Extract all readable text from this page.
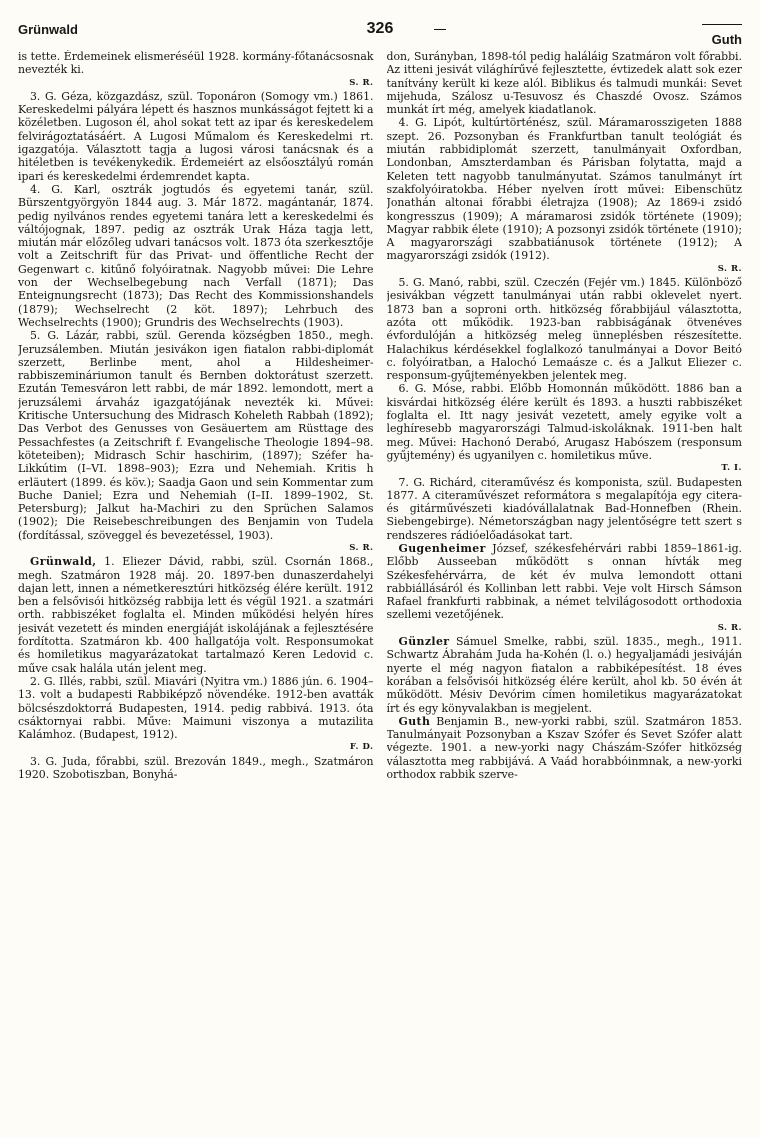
Grünwald	326
Guth

is tette. Érdemeinek elismeréséül 1928. kormány-főtanácsosnak nevezték ki.
S. R.

3. G. Géza, közgazdász, szül. Toponáron (Somogy vm.) 1861. Kereskedelmi pályára lépett és hasznos munkásságot fejtett ki a közéletben. Lugoson él, ahol sokat tett az ipar és kereskedelem felvirágoztatásáért. A Lugosi Műmalom és Kereskedelmi rt. igazgatója. Választott tagja a lugosi városi tanácsnak és a hitéletben is tevékenykedik. Érdemeiért az elsőosztályú román ipari és kereskedelmi érdemrendet kapta.

4. G. Karl, osztrák jogtudós és egyetemi tanár, szül. Bürszentgyörgyön 1844 aug. 3. Már 1872. magántanár, 1874. pedig nyilvános rendes egyetemi tanára lett a kereskedelmi és váltójognak, 1897. pedig az osztrák Urak Háza tagja lett, miután már előzőleg udvari tanácsos volt. 1873 óta szerkesztője volt a Zeitschrift für das Privat- und öffentliche Recht der Gegenwart c. kitűnő folyóiratnak. Nagyobb művei: Die Lehre von der Wechselbegebung nach Verfall (1871); Das Enteignungsrecht (1873); Das Recht des Kommissionshandels (1879); Wechselrecht (2 köt. 1897); Lehrbuch des Wechselrechts (1900); Grundris des Wechselrechts (1903).

5. G. Lázár, rabbi, szül. Gerenda községben 1850., megh. Jeruzsálemben. Miután jesivákon igen fiatalon rabbi-diplomát szerzett, Berlinbe ment, ahol a Hildesheimer-rabbiszemináriumon tanult és Bernben doktorátust szerzett. Ezután Temesváron lett rabbi, de már 1892. lemondott, mert a jeruzsálemi árvaház igazgatójának nevezték ki. Művei: Kritische Untersuchung des Midrasch Koheleth Rabbah (1892); Das Verbot des Genusses von Gesäuertem am Rüsttage des Pessachfestes (a Zeitschrift f. Evangelische Theologie 1894–98. köteteiben); Midrasch Schir haschirim, (1897); Széfer ha-Likkútim (I–VI. 1898–903); Ezra und Nehemiah. Kritis h erläutert (1899. és köv.); Saadja Gaon und sein Kommentar zum Buche Daniel; Ezra und Nehemiah (I–II. 1899–1902, St. Petersburg); Jalkut ha-Machiri zu den Sprüchen Salamos (1902); Die Reisebeschreibungen des Benjamin von Tudela (fordítással, szöveggel és bevezetéssel, 1903).
S. R.

Grünwald, 1. Eliezer Dávid, rabbi, szül. Csornán 1868., megh. Szatmáron 1928 máj. 20. 1897-ben dunaszerdahelyi dajan lett, innen a németkeresztúri hitközség élére került. 1912 ben a felsővisói hitközség rabbija lett és végül 1921. a szatmári orth. rabbiszéket foglalta el. Minden működési helyén híres jesivát vezetett és minden energiáját iskolájának a fejlesztésére fordította. Szatmáron kb. 400 hallgatója volt. Responsumokat és homiletikus magyarázatokat tartalmazó Keren Ledovid c. műve csak halála után jelent meg.

2. G. Illés, rabbi, szül. Miavári (Nyitra vm.) 1886 jún. 6. 1904–13. volt a budapesti Rabbiképző növendéke. 1912-ben avatták bölcsészdoktorrá Budapesten, 1914. pedig rabbivá. 1913. óta csáktornyai rabbi. Műve: Maimuni viszonya a mutazilita Kalámhoz. (Budapest, 1912).
F. D.

3. G. Juda, főrabbi, szül. Brezován 1849., megh., Szatmáron 1920. Szobotiszban, Bonyhá-

don, Surányban, 1898-tól pedig haláláig Szatmáron volt főrabbi. Az itteni jesivát világhírűvé fejlesztette, évtizedek alatt sok ezer tanítvány került ki keze alól. Biblikus és talmudi munkái: Sevet mijehuda, Szálosz u-Tesuvosz és Chaszdé Ovosz. Számos munkát írt még, amelyek kiadatlanok.

4. G. Lipót, kultúrtörténész, szül. Máramarosszigeten 1888 szept. 26. Pozsonyban és Frankfurtban tanult teológiát és miután rabbidiplomát szerzett, tanulmányait Oxfordban, Londonban, Amszterdamban és Párisban folytatta, majd a Keleten tett nagyobb tanulmányutat. Számos tanulmányt írt szakfolyóiratokba. Héber nyelven írott művei: Eibenschütz Jonathán altonai főrabbi életrajza (1908); Az 1869-i zsidó kongresszus (1909); A máramarosi zsidók története (1909); Magyar rabbik élete (1910); A pozsonyi zsidók története (1910); A magyarországi szabbatiánusok története (1912); A magyarországi zsidók (1912).
S. R.

5. G. Manó, rabbi, szül. Czeczén (Fejér vm.) 1845. Különböző jesivákban végzett tanulmányai után rabbi oklevelet nyert. 1873 ban a soproni orth. hitközség főrabbijául választotta, azóta ott működik. 1923-ban rabbiságának ötvenéves évfordulóján a hitközség meleg ünneplésben részesítette. Halachikus kérdésekkel foglalkozó tanulmányai a Dovor Beitó c. folyóiratban, a Halochó Lemaásze c. és a Jalkut Eliezer c. responsum-gyűjteményekben jelentek meg.

6. G. Móse, rabbi. Előbb Homonnán működött. 1886 ban a kisvárdai hitközség élére került és 1893. a huszti rabbiszéket foglalta el. Itt nagy jesivát vezetett, amely egyike volt a leghíresebb magyarországi Talmud-iskoláknak. 1911-ben halt meg. Művei: Hachonó Derabó, Arugasz Habószem (responsum gyűjtemény) és ugyanilyen c. homiletikus műve.
T. I.

7. G. Richárd, citeraművész és komponista, szül. Budapesten 1877. A citeraművészet reformátora s megalapítója egy citera- és gitárművészeti kiadóvállalatnak Bad-Honnefben (Rhein. Siebengebirge). Németországban nagy jelentőségre tett szert s rendszeres rádióelőadásokat tart.

Gugenheimer József, székesfehérvári rabbi 1859–1861-ig. Előbb Ausseeban működött s onnan hívták meg Székesfehérvárra, de két év mulva lemondott ottani rabbiállásáról és Kollinban lett rabbi. Veje volt Hirsch Sámson Rafael frankfurti rabbinak, a német telvilágosodott orthodoxia szellemi vezetőjének.
S. R.

Günzler Sámuel Smelke, rabbi, szül. 1835., megh., 1911. Schwartz Ábrahám Juda ha-Kohén (l. o.) hegyaljamádi jesiváján nyerte el még nagyon fiatalon a rabbiképesítést. 18 éves korában a felsővisói hitközség élére került, ahol kb. 50 évén át működött. Mésiv Devórim címen homiletikus magyarázatokat írt és egy könyvalakban is megjelent.

Guth Benjamin B., new-yorki rabbi, szül. Szatmáron 1853. Tanulmányait Pozsonyban a Kszav Szófer és Sevet Szófer alatt végezte. 1901. a new-yorki nagy Chászám-Szófer hitközség választotta meg rabbijává. A Vaád horabbóinmnak, a new-yorki orthodox rabbik szerve-
